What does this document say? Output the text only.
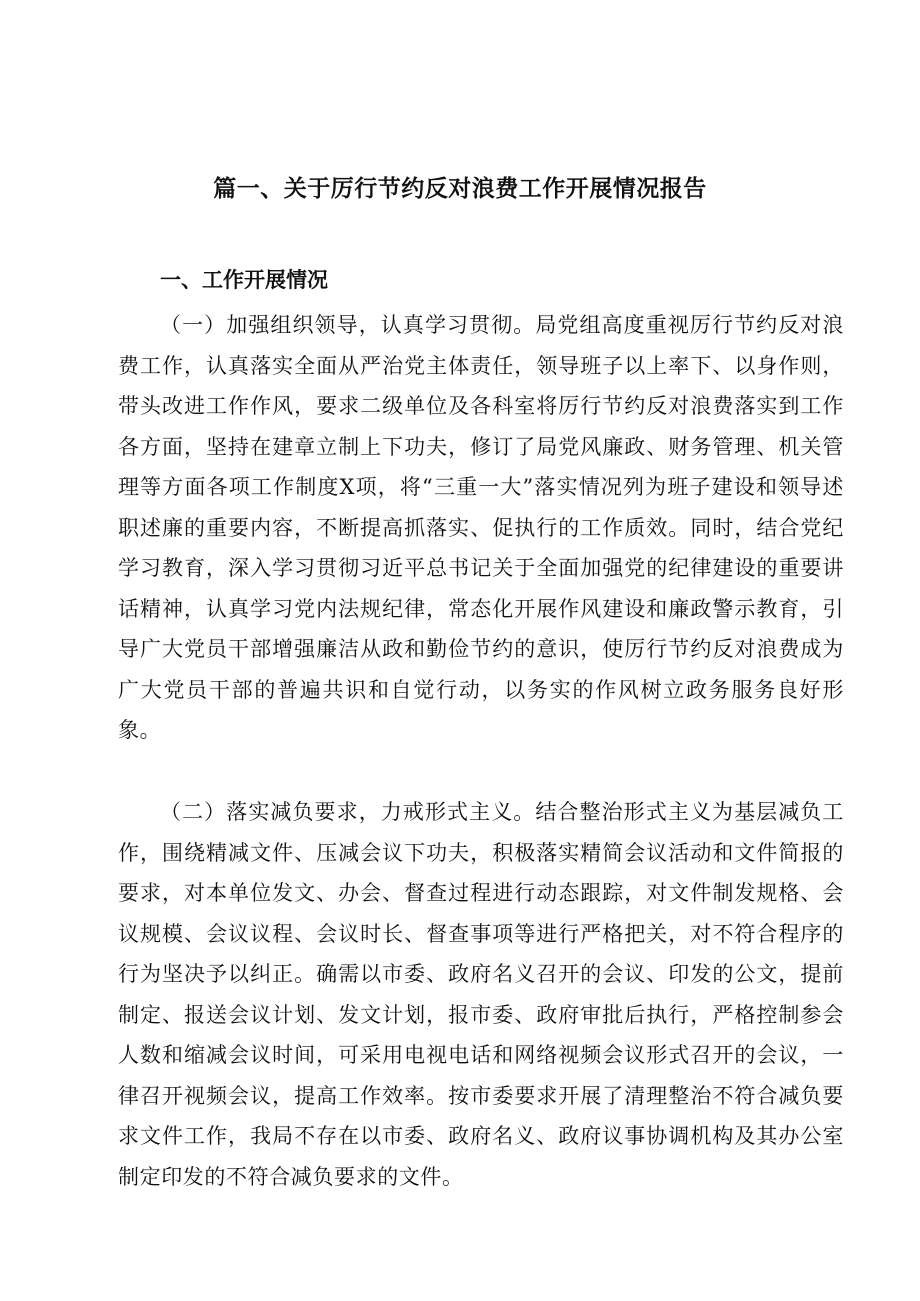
篇一、关于厉行节约反对浪费工作开展情况报告
一、工作开展情况

（一）加强组织领导，认真学习贯彻。局党组高度重视厉行节约反对浪费工作，认真落实全面从严治党主体责任，领导班子以上率下、以身作则，带头改进工作作风，要求二级单位及各科室将厉行节约反对浪费落实到工作各方面，坚持在建章立制上下功夫，修订了局党风廉政、财务管理、机关管理等方面各项工作制度X项，将“三重一大”落实情况列为班子建设和领导述职述廉的重要内容，不断提高抓落实、促执行的工作质效。同时，结合党纪学习教育，深入学习贯彻习近平总书记关于全面加强党的纪律建设的重要讲话精神，认真学习党内法规纪律，常态化开展作风建设和廉政警示教育，引导广大党员干部增强廉洁从政和勤俭节约的意识，使厉行节约反对浪费成为广大党员干部的普遍共识和自觉行动，以务实的作风树立政务服务良好形象。

（二）落实减负要求，力戒形式主义。结合整治形式主义为基层减负工作，围绕精减文件、压减会议下功夫，积极落实精简会议活动和文件简报的要求，对本单位发文、办会、督查过程进行动态跟踪，对文件制发规格、会议规模、会议议程、会议时长、督查事项等进行严格把关，对不符合程序的行为坚决予以纠正。确需以市委、政府名义召开的会议、印发的公文，提前制定、报送会议计划、发文计划，报市委、政府审批后执行，严格控制参会人数和缩减会议时间，可采用电视电话和网络视频会议形式召开的会议，一律召开视频会议，提高工作效率。按市委要求开展了清理整治不符合减负要求文件工作，我局不存在以市委、政府名义、政府议事协调机构及其办公室制定印发的不符合减负要求的文件。
